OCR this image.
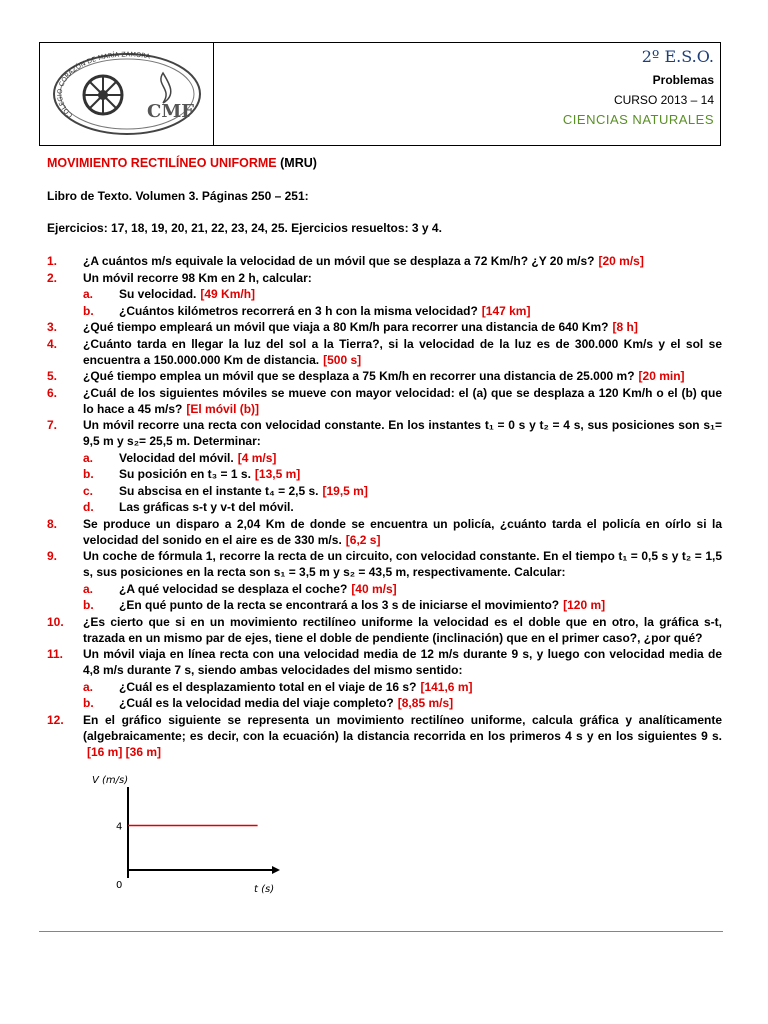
COLEGIO CORAZÓN DE MARÍA ZAMORA
CMF
2º E.S.O.
Problemas
CURSO 2013 – 14
CIENCIAS NATURALES
MOVIMIENTO RECTILÍNEO UNIFORME (MRU)
Libro de Texto. Volumen 3. Páginas 250 – 251:
Ejercicios: 17, 18, 19, 20, 21, 22, 23, 24, 25. Ejercicios resueltos: 3 y 4.
1.	¿A cuántos m/s equivale la velocidad de un móvil que se desplaza a 72 Km/h? ¿Y 20 m/s? [20 m/s]
2.	Un móvil recorre 98 Km en 2 h, calcular:
a.	Su velocidad. [49 Km/h]
b.	¿Cuántos kilómetros recorrerá en 3 h con la misma velocidad? [147 km]
3.	¿Qué tiempo empleará un móvil que viaja a 80 Km/h para recorrer una distancia de 640 Km? [8 h]
4.	¿Cuánto tarda en llegar la luz del sol a la Tierra?, si la velocidad de la luz es de 300.000 Km/s y el sol se encuentra a 150.000.000 Km de distancia. [500 s]
5.	¿Qué tiempo emplea un móvil que se desplaza a 75 Km/h en recorrer una distancia de 25.000 m? [20 min]
6.	¿Cuál de los siguientes móviles se mueve con mayor velocidad: el (a) que se desplaza a 120 Km/h o el (b) que lo hace a 45 m/s? [El móvil (b)]
7.	Un móvil recorre una recta con velocidad constante. En los instantes t₁ = 0 s y t₂ = 4 s, sus posiciones son s₁= 9,5 m y s₂= 25,5 m. Determinar:
a.	Velocidad del móvil. [4 m/s]
b.	Su posición en t₃ = 1 s. [13,5 m]
c.	Su abscisa en el instante t₄ = 2,5 s. [19,5 m]
d.	Las gráficas s-t y v-t del móvil.
8.	Se produce un disparo a 2,04 Km de donde se encuentra un policía, ¿cuánto tarda el policía en oírlo si la velocidad del sonido en el aire es de 330 m/s. [6,2 s]
9.	Un coche de fórmula 1, recorre la recta de un circuito, con velocidad constante. En el tiempo t₁ = 0,5 s y t₂ = 1,5 s, sus posiciones en la recta son s₁ = 3,5 m y s₂ = 43,5 m, respectivamente. Calcular:
a.	¿A qué velocidad se desplaza el coche? [40 m/s]
b.	¿En qué punto de la recta se encontrará a los 3 s de iniciarse el movimiento? [120 m]
10.	¿Es cierto que si en un movimiento rectilíneo uniforme la velocidad es el doble que en otro, la gráfica s-t, trazada en un mismo par de ejes, tiene el doble de pendiente (inclinación) que en el primer caso?, ¿por qué?
11.	Un móvil viaja en línea recta con una velocidad media de 12 m/s durante 9 s, y luego con velocidad media de 4,8 m/s durante 7 s, siendo ambas velocidades del mismo sentido:
a.	¿Cuál es el desplazamiento total en el viaje de 16 s? [141,6 m]
b.	¿Cuál es la velocidad media del viaje completo? [8,85 m/s]
12.	En el gráfico siguiente se representa un movimiento rectilíneo uniforme, calcula gráfica y analíticamente (algebraicamente; es decir, con la ecuación) la distancia recorrida en los primeros 4 s y en los siguientes 9 s.[16 m] [36 m]
V (m/s)
t (s)
0
4
